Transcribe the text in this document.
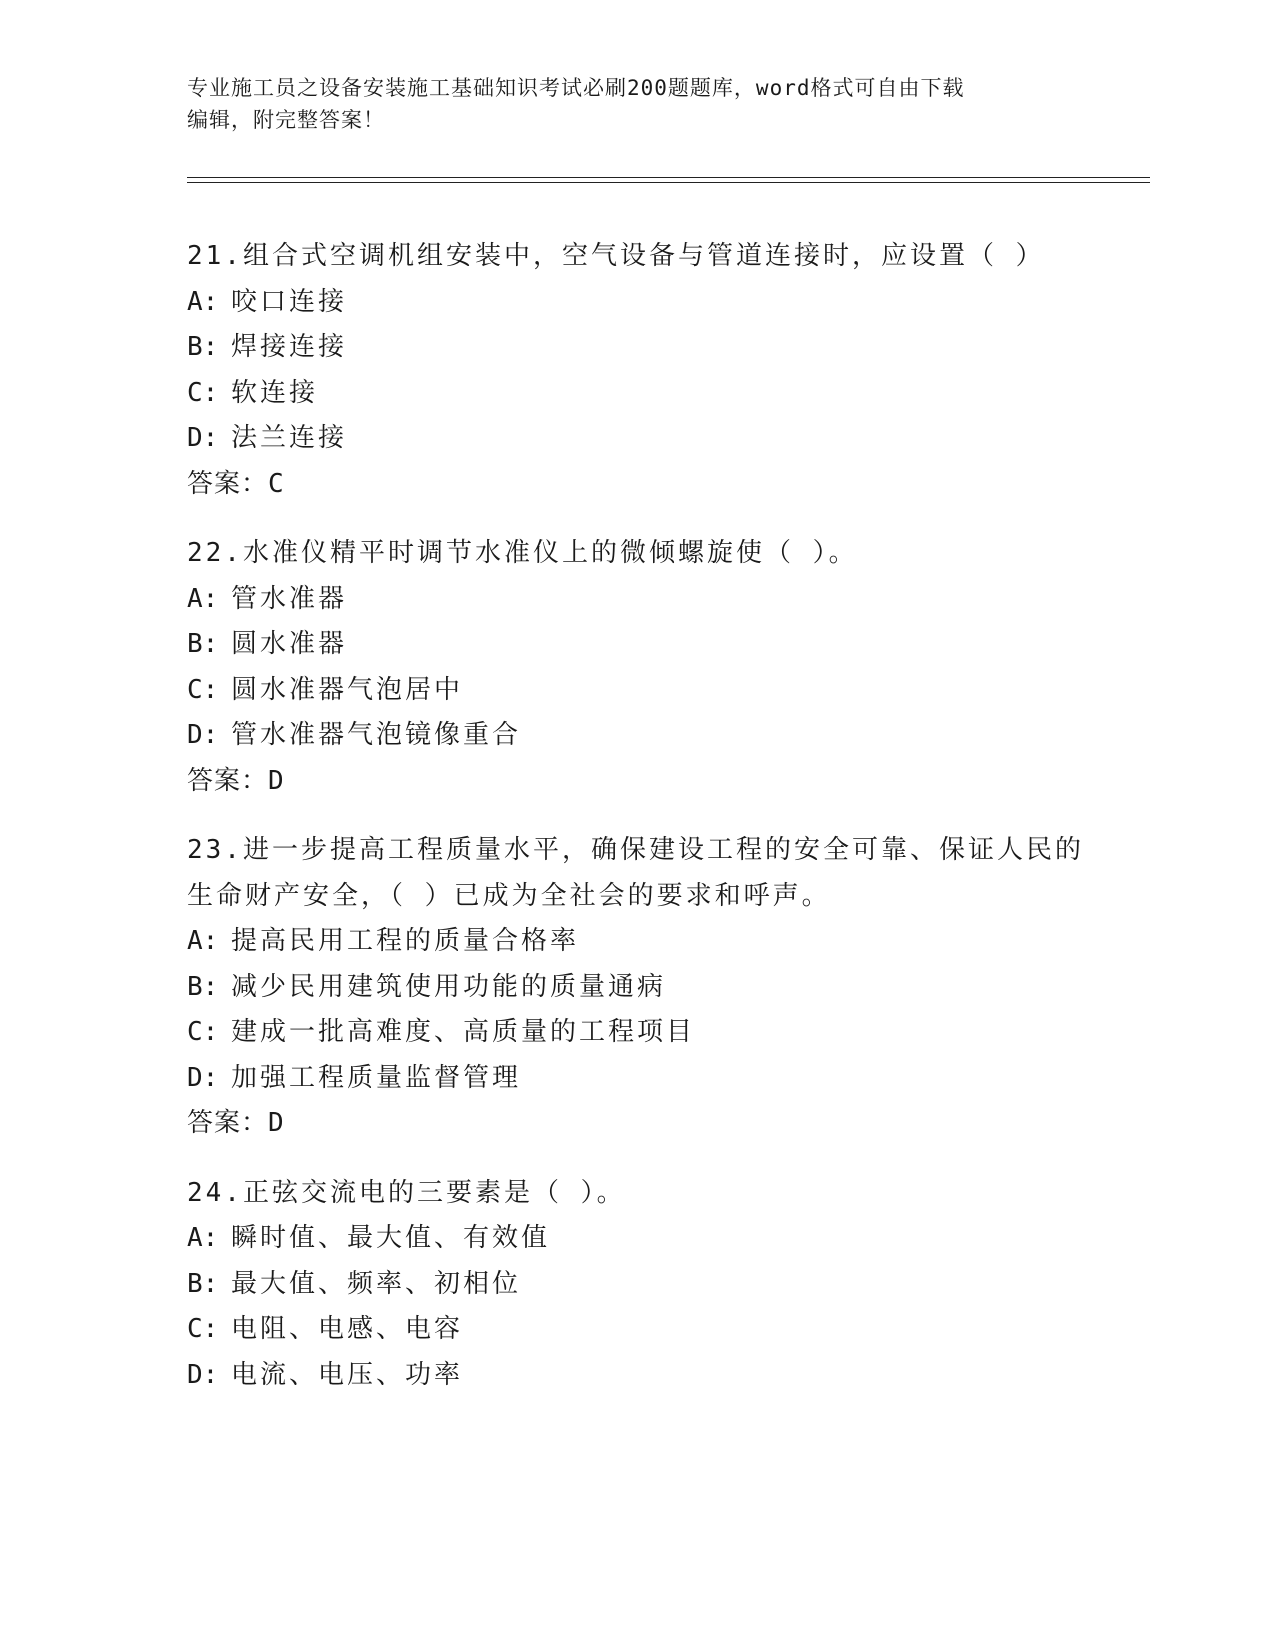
专业施工员之设备安装施工基础知识考试必刷200题题库，word格式可自由下载
编辑，附完整答案！
21.组合式空调机组安装中，空气设备与管道连接时，应设置（ ）
A: 咬口连接
B: 焊接连接
C: 软连接
D: 法兰连接
答案：C
22.水准仪精平时调节水准仪上的微倾螺旋使（ ）。
A: 管水准器
B: 圆水准器
C: 圆水准器气泡居中
D: 管水准器气泡镜像重合
答案：D
23.进一步提高工程质量水平，确保建设工程的安全可靠、保证人民的
生命财产安全，（ ）已成为全社会的要求和呼声。
A: 提高民用工程的质量合格率
B: 减少民用建筑使用功能的质量通病
C: 建成一批高难度、高质量的工程项目
D: 加强工程质量监督管理
答案：D
24.正弦交流电的三要素是（ ）。
A: 瞬时值、最大值、有效值
B: 最大值、频率、初相位
C: 电阻、电感、电容
D: 电流、电压、功率
